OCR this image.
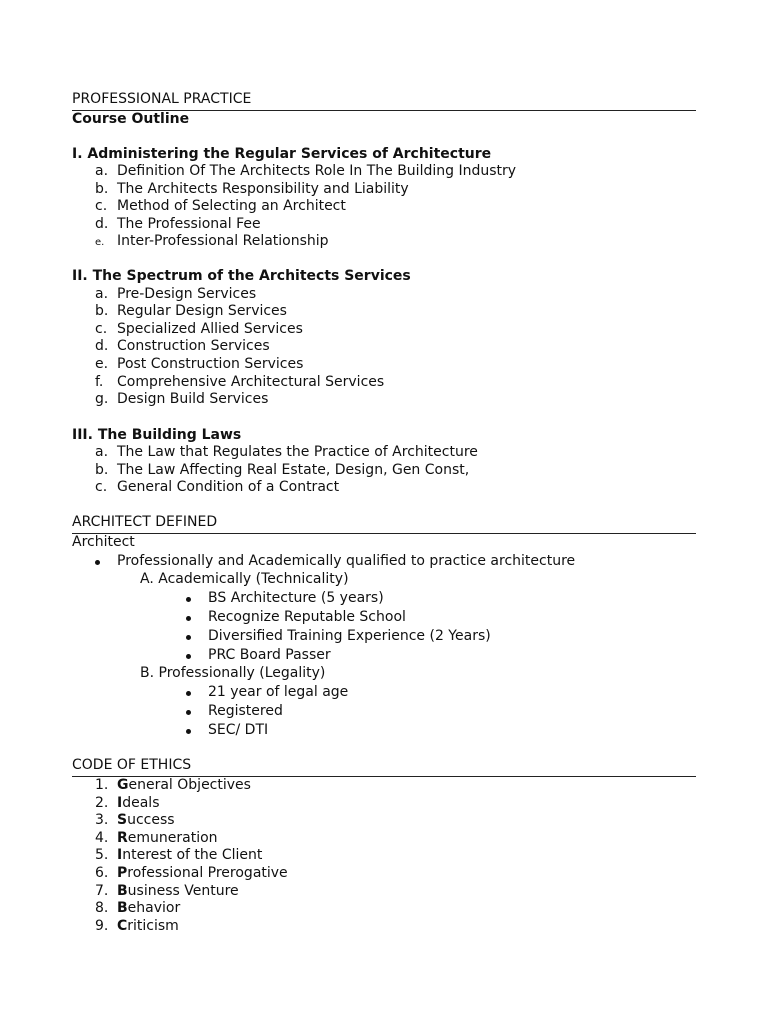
PROFESSIONAL PRACTICE
Course Outline
I. Administering the Regular Services of Architecture
a. Definition Of The Architects Role In The Building Industry
b. The Architects Responsibility and Liability
c. Method of Selecting an Architect
d. The Professional Fee
e. Inter-Professional Relationship
II. The Spectrum of the Architects Services
a. Pre-Design Services
b. Regular Design Services
c. Specialized Allied Services
d. Construction Services
e. Post Construction Services
f. Comprehensive Architectural Services
g. Design Build Services
III. The Building Laws
a. The Law that Regulates the Practice of Architecture
b. The Law Affecting Real Estate, Design, Gen Const,
c. General Condition of a Contract
ARCHITECT DEFINED
Architect
Professionally and Academically qualified to practice architecture
A. Academically (Technicality)
BS Architecture (5 years)
Recognize Reputable School
Diversified Training Experience (2 Years)
PRC Board Passer
B. Professionally (Legality)
21 year of legal age
Registered
SEC/ DTI
CODE OF ETHICS
1. General Objectives
2. Ideals
3. Success
4. Remuneration
5. Interest of the Client
6. Professional Prerogative
7. Business Venture
8. Behavior
9. Criticism
